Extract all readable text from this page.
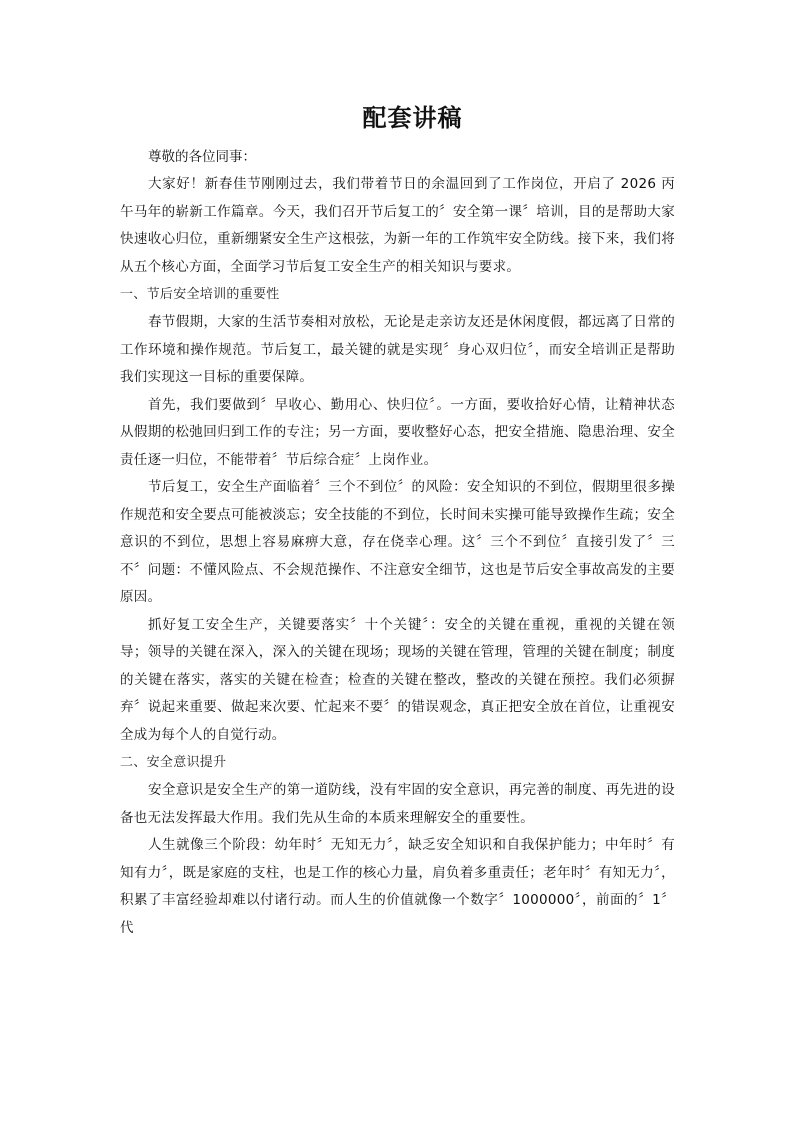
配套讲稿

尊敬的各位同事：

大家好！新春佳节刚刚过去，我们带着节日的余温回到了工作岗位，开启了 2026 丙午马年的崭新工作篇章。今天，我们召开节后复工的〞安全第一课〞培训，目的是帮助大家快速收心归位，重新绷紧安全生产这根弦，为新一年的工作筑牢安全防线。接下来，我们将从五个核心方面，全面学习节后复工安全生产的相关知识与要求。

一、节后安全培训的重要性

春节假期，大家的生活节奏相对放松，无论是走亲访友还是休闲度假，都远离了日常的工作环境和操作规范。节后复工，最关键的就是实现〞身心双归位〞，而安全培训正是帮助我们实现这一目标的重要保障。

首先，我们要做到〞早收心、勤用心、快归位〞。一方面，要收拾好心情，让精神状态从假期的松弛回归到工作的专注；另一方面，要收整好心态，把安全措施、隐患治理、安全责任逐一归位，不能带着〞节后综合症〞上岗作业。

节后复工，安全生产面临着〞三个不到位〞的风险：安全知识的不到位，假期里很多操作规范和安全要点可能被淡忘；安全技能的不到位，长时间未实操可能导致操作生疏；安全意识的不到位，思想上容易麻痹大意，存在侥幸心理。这〞三个不到位〞直接引发了〞三不〞问题：不懂风险点、不会规范操作、不注意安全细节，这也是节后安全事故高发的主要原因。

抓好复工安全生产，关键要落实〞十个关键〞：安全的关键在重视，重视的关键在领导；领导的关键在深入，深入的关键在现场；现场的关键在管理，管理的关键在制度；制度的关键在落实，落实的关键在检查；检查的关键在整改，整改的关键在预控。我们必须摒弃〞说起来重要、做起来次要、忙起来不要〞的错误观念，真正把安全放在首位，让重视安全成为每个人的自觉行动。

二、安全意识提升

安全意识是安全生产的第一道防线，没有牢固的安全意识，再完善的制度、再先进的设备也无法发挥最大作用。我们先从生命的本质来理解安全的重要性。

人生就像三个阶段：幼年时〞无知无力〞，缺乏安全知识和自我保护能力；中年时〞有知有力〞，既是家庭的支柱，也是工作的核心力量，肩负着多重责任；老年时〞有知无力〞，积累了丰富经验却难以付诸行动。而人生的价值就像一个数字〞1000000〞，前面的〞1〞代
